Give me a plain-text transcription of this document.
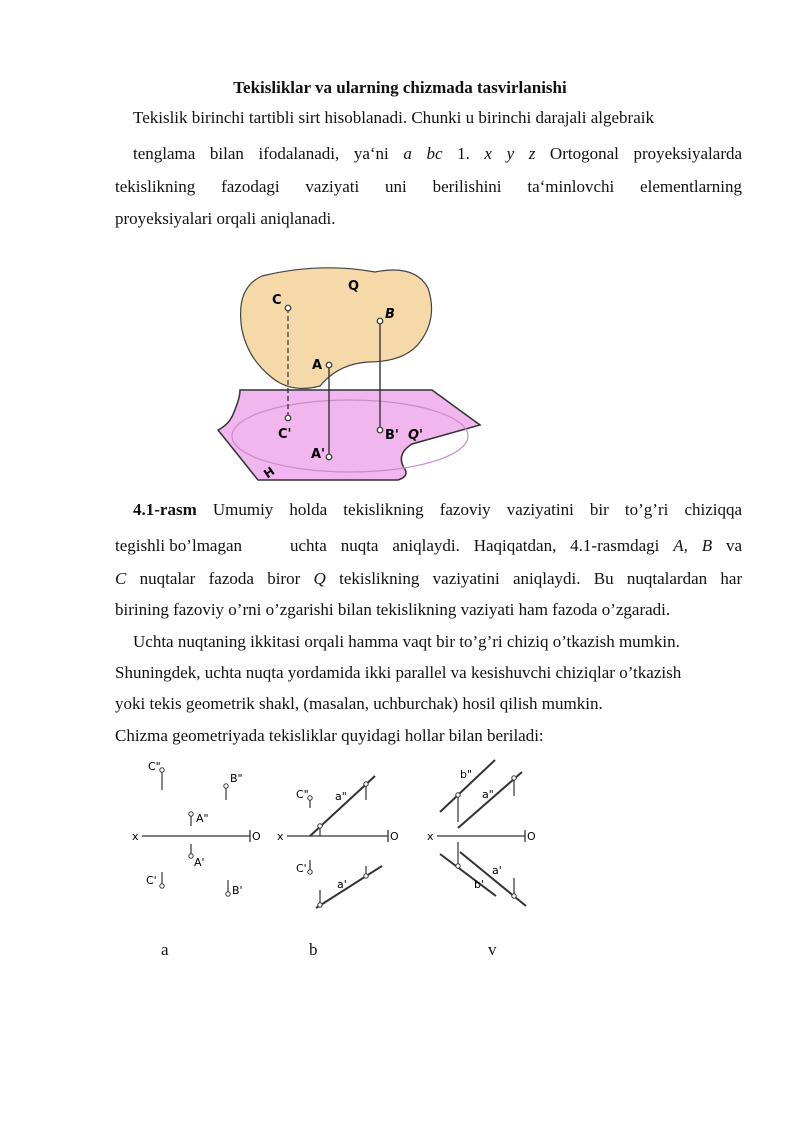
Tekisliklar va ularning chizmada tasvirlanishi
Tekislik birinchi tartibli sirt hisoblanadi. Chunki u birinchi darajali algebraik
tenglama bilan ifodalanadi, ya‘ni a bc 1. x y z Ortogonal proyeksiyalarda
tekislikning fazodagi vaziyati uni berilishini ta‘minlovchi elementlarning
proyeksiyalari orqali aniqlanadi.
C
Q
B
A
C'	B' Q'
A'
H
4.1-rasm Umumiy holda tekislikning fazoviy vaziyatini bir to’g’ri chiziqqa
tegishli bo’lmagan	uchta nuqta aniqlaydi. Haqiqatdan, 4.1-rasmdagi A, B va
C nuqtalar fazoda biror Q tekislikning vaziyatini aniqlaydi. Bu nuqtalardan har
birining fazoviy o’rni o’zgarishi bilan tekislikning vaziyati ham fazoda o’zgaradi.
Uchta nuqtaning ikkitasi orqali hamma vaqt bir to’g’ri chiziq o’tkazish mumkin.
Shuningdek, uchta nuqta yordamida ikki parallel va kesishuvchi chiziqlar o’tkazish
yoki tekis geometrik shakl, (masalan, uchburchak) hosil qilish mumkin.
Chizma geometriyada tekisliklar quyidagi hollar bilan beriladi:
x	O
C"
B"
A"
A'
C'
B'
x	O
a"
C"
C'
a'
x	O
b"
a"
b'
a'
a	b	v
